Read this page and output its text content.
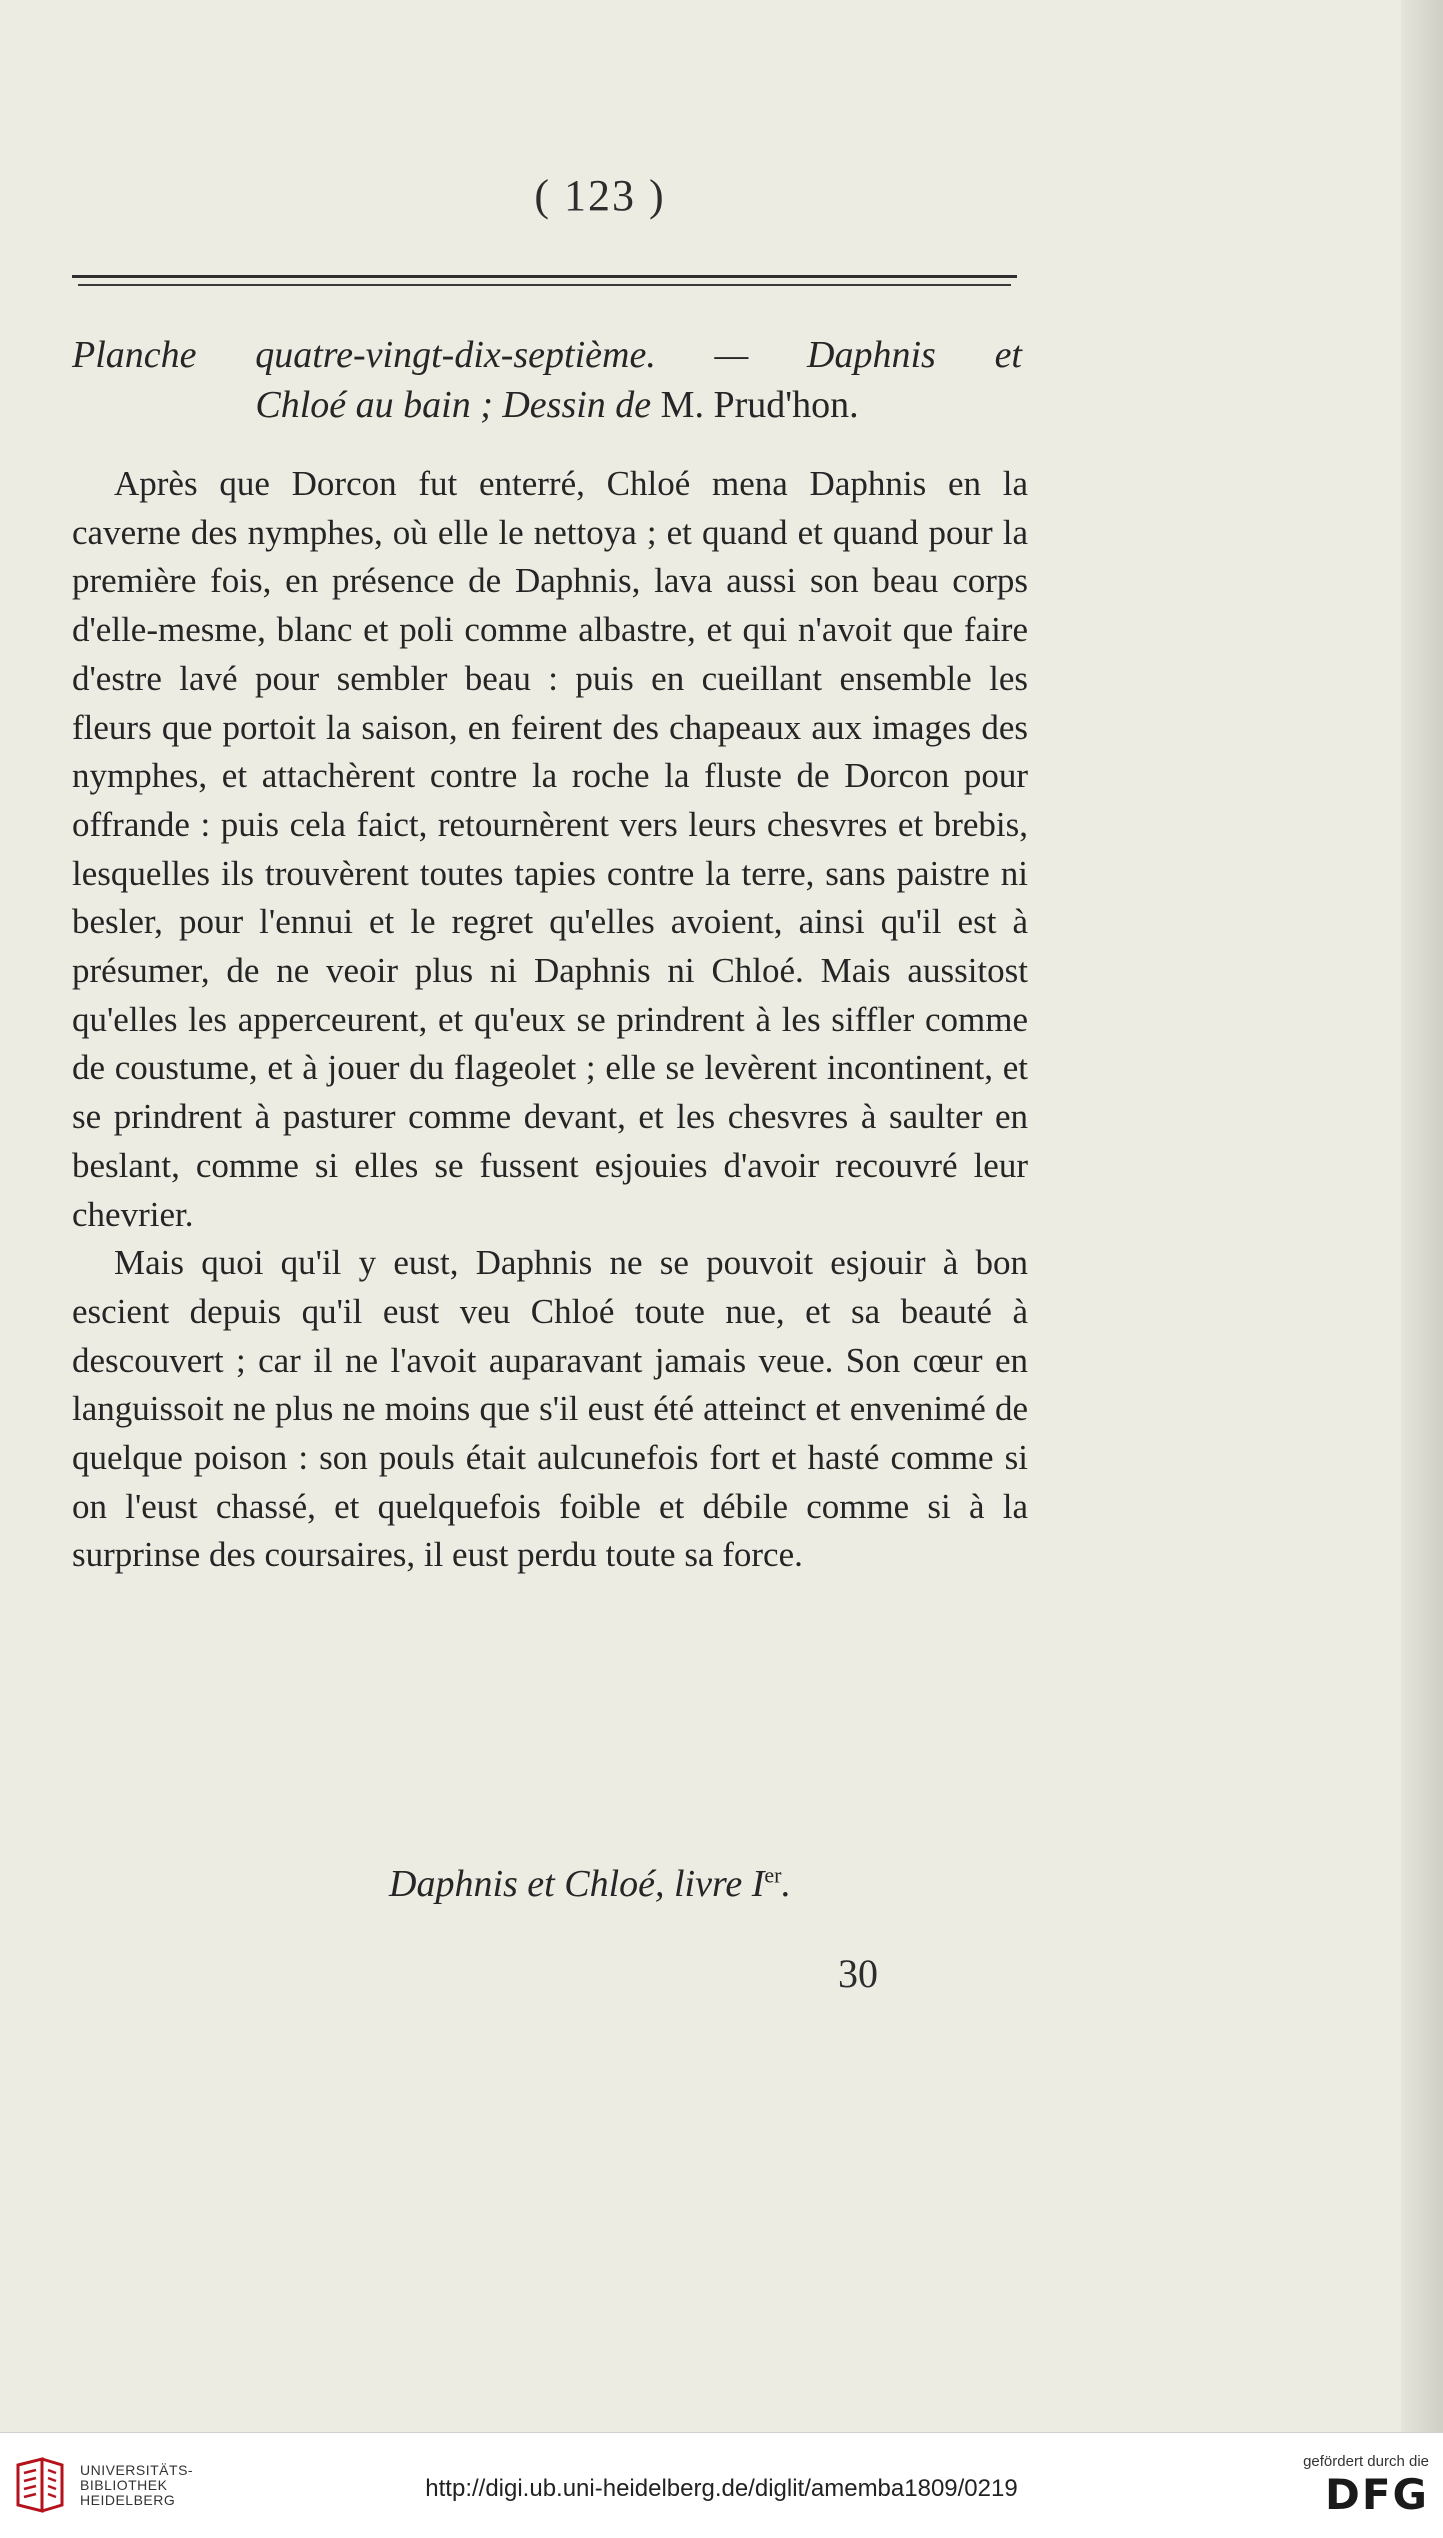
( 123 )
Planche quatre-vingt-dix-septième. — Daphnis et
Chloé au bain ; Dessin de M. Prud'hon.

Après que Dorcon fut enterré, Chloé mena Daphnis en la caverne des nymphes, où elle le nettoya ; et quand et quand pour la première fois, en présence de Daphnis, lava aussi son beau corps d'elle-mesme, blanc et poli comme albastre, et qui n'avoit que faire d'estre lavé pour sembler beau : puis en cueillant ensemble les fleurs que portoit la saison, en feirent des chapeaux aux images des nymphes, et attachèrent contre la roche la fluste de Dorcon pour offrande : puis cela faict, retournèrent vers leurs chesvres et brebis, lesquelles ils trouvèrent toutes tapies contre la terre, sans paistre ni besler, pour l'ennui et le regret qu'elles avoient, ainsi qu'il est à présumer, de ne veoir plus ni Daphnis ni Chloé. Mais aussitost qu'elles les apperceurent, et qu'eux se prindrent à les siffler comme de coustume, et à jouer du flageolet ; elle se levèrent incontinent, et se prindrent à pasturer comme devant, et les chesvres à saulter en beslant, comme si elles se fussent esjouies d'avoir recouvré leur chevrier.

Mais quoi qu'il y eust, Daphnis ne se pouvoit esjouir à bon escient depuis qu'il eust veu Chloé toute nue, et sa beauté à descouvert ; car il ne l'avoit auparavant jamais veue. Son cœur en languissoit ne plus ne moins que s'il eust été atteinct et envenimé de quelque poison : son pouls était aulcunefois fort et hasté comme si on l'eust chassé, et quelquefois foible et débile comme si à la surprinse des coursaires, il eust perdu toute sa force.

Daphnis et Chloé, livre Ier.
30
UNIVERSITÄTS-
BIBLIOTHEK
HEIDELBERG	http://digi.ub.uni-heidelberg.de/diglit/amemba1809/0219
gefördert durch die
DFG
